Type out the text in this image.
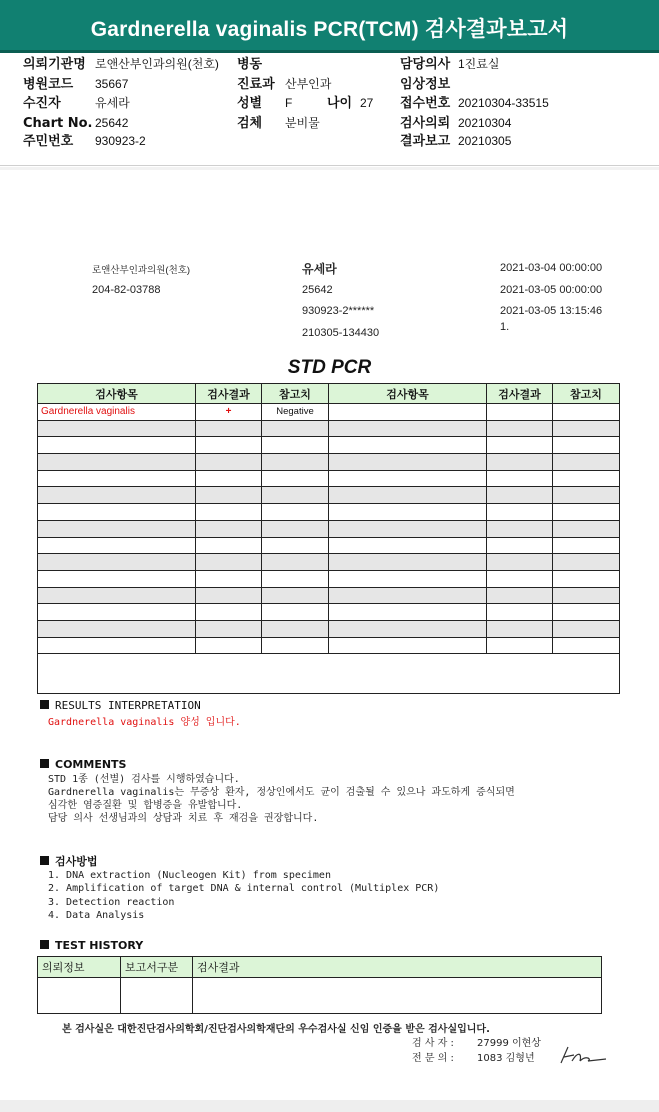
Gardnerella vaginalis PCR(TCM) 검사결과보고서
의뢰기관명 로앤산부인과의원(천호)
병원코드 35667
수진자	유세라
Chart No. 25642
주민번호 930923-2
병동
진료과 산부인과
성별 F	나이 27
검체 분비물
담당의사 1진료실
임상정보
접수번호 20210304-33515
검사의뢰 20210304
결과보고 20210305
로앤산부인과의원(천호)
204-82-03788
유세라
25642
930923-2******
210305-134430
2021-03-04 00:00:00
2021-03-05 00:00:00
2021-03-05 13:15:46
1.
STD PCR
검사항목	검사결과	참고치	검사항목	검사결과	참고치
Gardnerella vaginalis	+	Negative			

RESULTS INTERPRETATION
Gardnerella vaginalis 양성 입니다.
COMMENTS
STD 1종 (선별) 검사를 시행하였습니다.
Gardnerella vaginalis는 무증상 환자, 정상인에서도 균이 검출될 수 있으나 과도하게 증식되면
심각한 염증질환 및 합병증을 유발합니다.
담당 의사 선생님과의 상담과 치료 후 재검을 권장합니다.
검사방법
1. DNA extraction (Nucleogen Kit) from specimen
2. Amplification of target DNA & internal control (Multiplex PCR)
3. Detection reaction
4. Data Analysis
TEST HISTORY
의뢰정보	보고서구분	검사결과

본 검사실은 대한진단검사의학회/진단검사의학재단의 우수검사실 신임 인증을 받은 검사실입니다.
검 사 자 : 27999 이현상
전 문 의 : 1083 김형년
